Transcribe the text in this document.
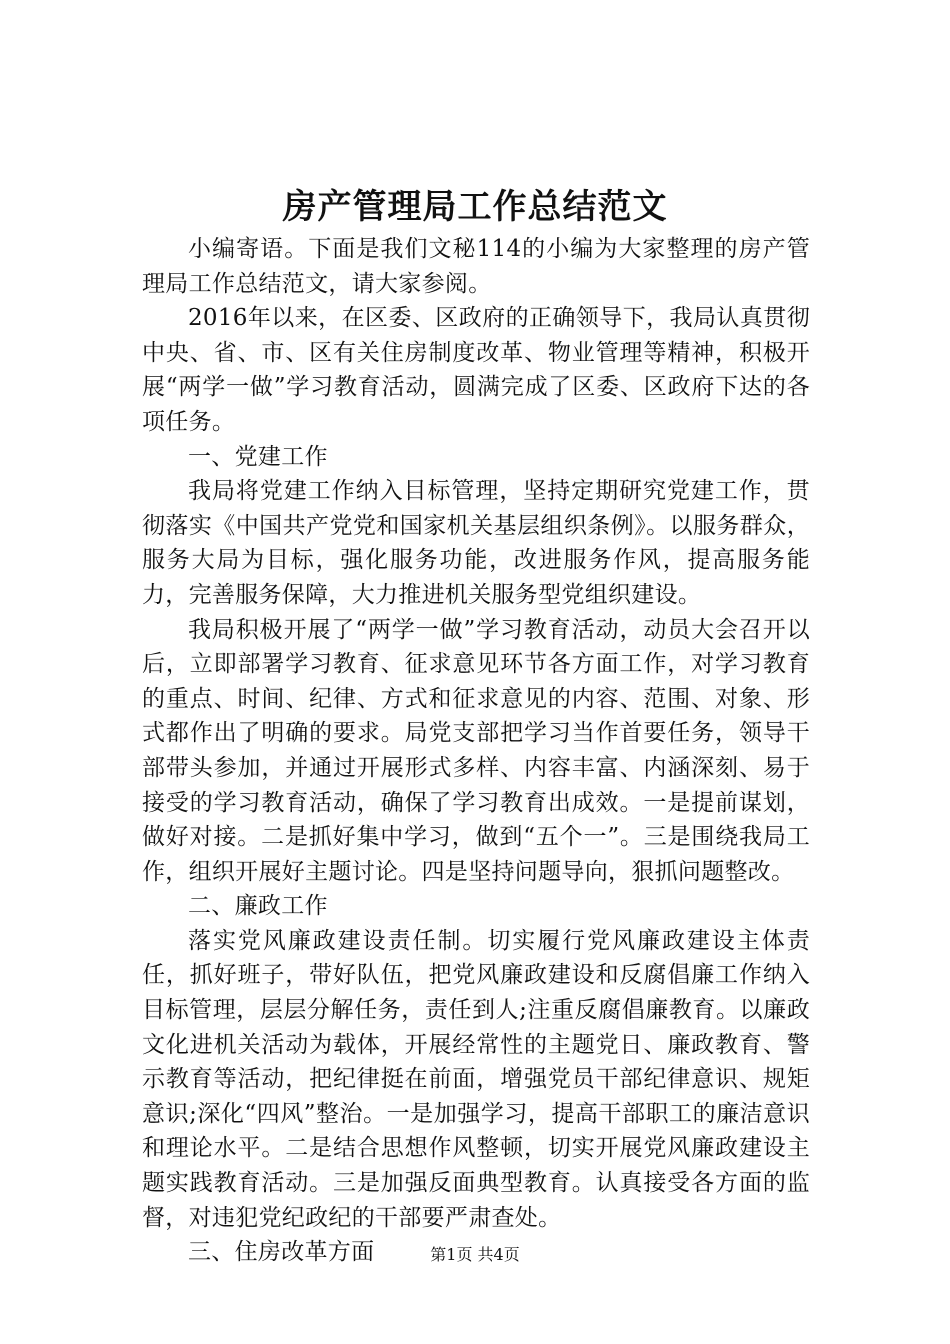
房产管理局工作总结范文

小编寄语。下面是我们文秘114的小编为大家整理的房产管理局工作总结范文，请大家参阅。

2016年以来，在区委、区政府的正确领导下，我局认真贯彻中央、省、市、区有关住房制度改革、物业管理等精神，积极开展“两学一做”学习教育活动，圆满完成了区委、区政府下达的各项任务。

一、党建工作

我局将党建工作纳入目标管理，坚持定期研究党建工作，贯彻落实《中国共产党党和国家机关基层组织条例》。以服务群众，服务大局为目标，强化服务功能，改进服务作风，提高服务能力，完善服务保障，大力推进机关服务型党组织建设。

我局积极开展了“两学一做”学习教育活动，动员大会召开以后，立即部署学习教育、征求意见环节各方面工作，对学习教育的重点、时间、纪律、方式和征求意见的内容、范围、对象、形式都作出了明确的要求。局党支部把学习当作首要任务，领导干部带头参加，并通过开展形式多样、内容丰富、内涵深刻、易于接受的学习教育活动，确保了学习教育出成效。一是提前谋划，做好对接。二是抓好集中学习，做到“五个一”。三是围绕我局工作，组织开展好主题讨论。四是坚持问题导向，狠抓问题整改。

二、廉政工作

落实党风廉政建设责任制。切实履行党风廉政建设主体责任，抓好班子，带好队伍，把党风廉政建设和反腐倡廉工作纳入目标管理，层层分解任务，责任到人;注重反腐倡廉教育。以廉政文化进机关活动为载体，开展经常性的主题党日、廉政教育、警示教育等活动，把纪律挺在前面，增强党员干部纪律意识、规矩意识;深化“四风”整治。一是加强学习，提高干部职工的廉洁意识和理论水平。二是结合思想作风整顿，切实开展党风廉政建设主题实践教育活动。三是加强反面典型教育。认真接受各方面的监督，对违犯党纪政纪的干部要严肃查处。

三、住房改革方面	第1页 共4页
